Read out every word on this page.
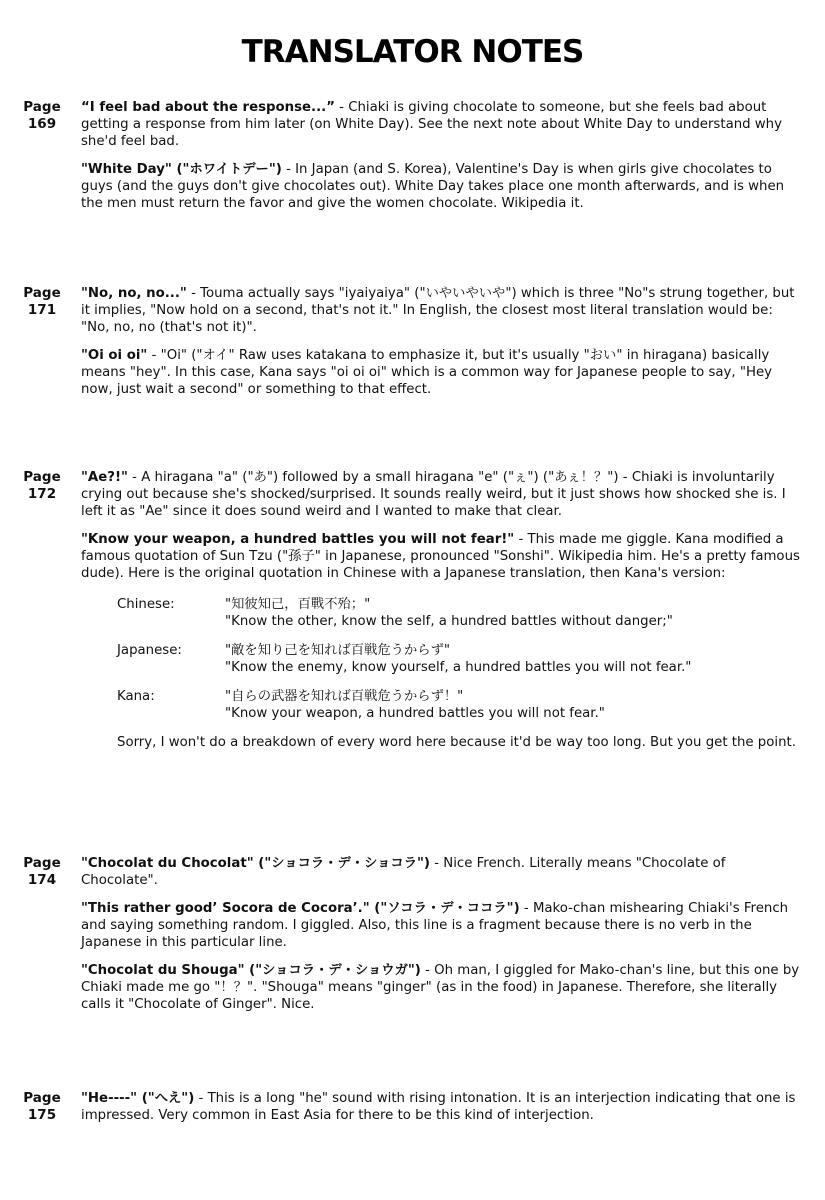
TRANSLATOR NOTES
Page
169

“I feel bad about the response...” - Chiaki is giving chocolate to someone, but she feels bad about getting a response from him later (on White Day). See the next note about White Day to understand why she'd feel bad.

"White Day" ("ホワイトデー") - In Japan (and S. Korea), Valentine's Day is when girls give chocolates to guys (and the guys don't give chocolates out). White Day takes place one month afterwards, and is when the men must return the favor and give the women chocolate. Wikipedia it.

Page
171

"No, no, no..." - Touma actually says "iyaiyaiya" ("いやいやいや") which is three "No"s strung together, but it implies, "Now hold on a second, that's not it." In English, the closest most literal translation would be: "No, no, no (that's not it)".

"Oi oi oi" - "Oi" ("オイ" Raw uses katakana to emphasize it, but it's usually "おい" in hiragana) basically means "hey". In this case, Kana says "oi oi oi" which is a common way for Japanese people to say, "Hey now, just wait a second" or something to that effect.

Page
172

"Ae?!" - A hiragana "a" ("あ") followed by a small hiragana "e" ("ぇ") ("あぇ！？") - Chiaki is involuntarily crying out because she's shocked/surprised. It sounds really weird, but it just shows how shocked she is. I left it as "Ae" since it does sound weird and I wanted to make that clear.

"Know your weapon, a hundred battles you will not fear!" - This made me giggle. Kana modified a famous quotation of Sun Tzu ("孫子" in Japanese, pronounced "Sonshi". Wikipedia him. He's a pretty famous dude). Here is the original quotation in Chinese with a Japanese translation, then Kana's version:

Chinese:	"知彼知己，百戰不殆；"
"Know the other, know the self, a hundred battles without danger;"
Japanese:	"敵を知り己を知れば百戦危うからず"
"Know the enemy, know yourself, a hundred battles you will not fear."
Kana:	"自らの武器を知れば百戦危うからず！"
"Know your weapon, a hundred battles you will not fear."

Sorry, I won't do a breakdown of every word here because it'd be way too long. But you get the point.

Page
174

"Chocolat du Chocolat" ("ショコラ・デ・ショコラ") - Nice French. Literally means "Chocolate of Chocolate".

"This rather good’ Socora de Cocora’." ("ソコラ・デ・ココラ") - Mako-chan mishearing Chiaki's French and saying something random. I giggled. Also, this line is a fragment because there is no verb in the Japanese in this particular line.

"Chocolat du Shouga" ("ショコラ・デ・ショウガ") - Oh man, I giggled for Mako-chan's line, but this one by Chiaki made me go "！？". "Shouga" means "ginger" (as in the food) in Japanese. Therefore, she literally calls it "Chocolate of Ginger". Nice.

Page
175

"He----" ("へえ") - This is a long "he" sound with rising intonation. It is an interjection indicating that one is impressed. Very common in East Asia for there to be this kind of interjection.
